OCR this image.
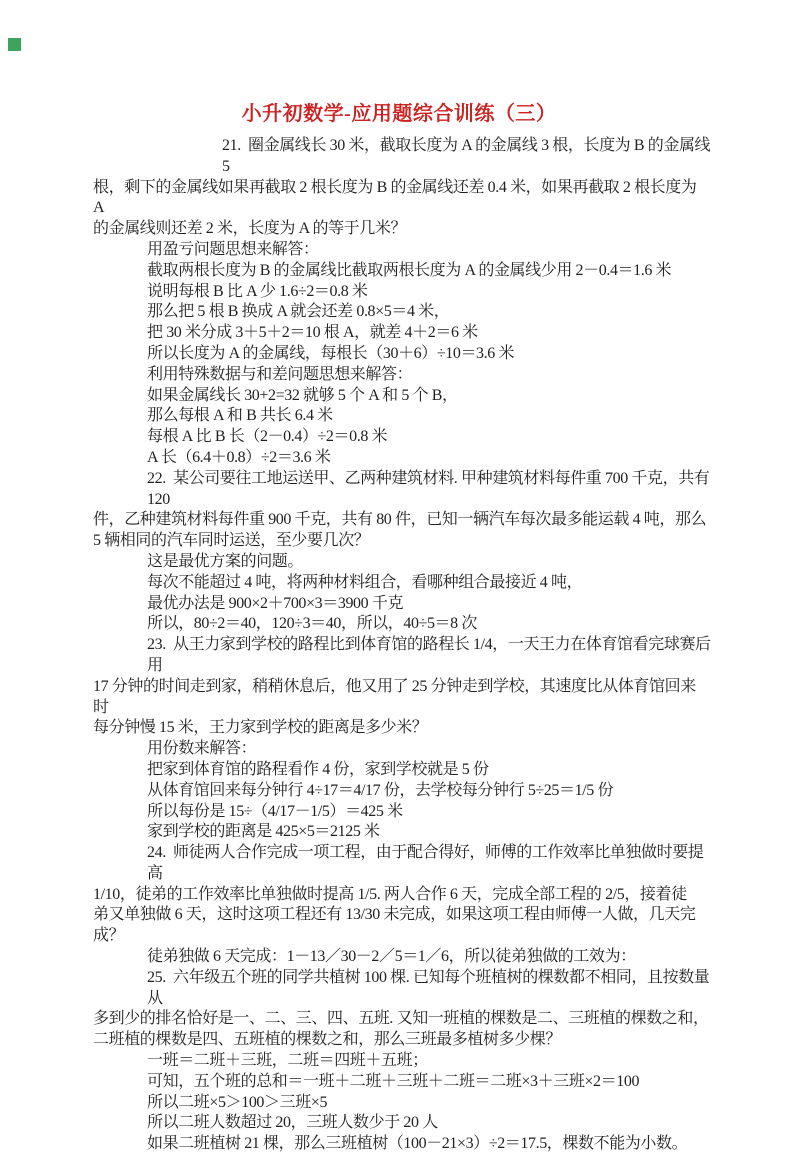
小升初数学-应用题综合训练（三）
21.  圈金属线长 30 米，截取长度为 A 的金属线 3 根，长度为 B 的金属线 5
根，剩下的金属线如果再截取 2 根长度为 B 的金属线还差 0.4 米，如果再截取 2 根长度为 A
的金属线则还差 2 米，长度为 A 的等于几米？
用盈亏问题思想来解答：
截取两根长度为 B 的金属线比截取两根长度为 A 的金属线少用 2－0.4＝1.6 米
说明每根 B 比 A 少 1.6÷2＝0.8 米
那么把 5 根 B 换成 A 就会还差 0.8×5＝4 米，
把 30 米分成 3＋5＋2＝10 根 A，就差 4＋2＝6 米
所以长度为 A 的金属线，每根长（30＋6）÷10＝3.6 米
利用特殊数据与和差问题思想来解答：
如果金属线长 30+2=32 就够 5 个 A 和 5 个 B，
那么每根 A 和 B 共长 6.4 米
每根 A 比 B 长（2－0.4）÷2＝0.8 米
A 长（6.4＋0.8）÷2＝3.6 米
22.  某公司要往工地运送甲、乙两种建筑材料. 甲种建筑材料每件重 700 千克，共有 120
件，乙种建筑材料每件重 900 千克，共有 80 件，已知一辆汽车每次最多能运载 4 吨，那么
5 辆相同的汽车同时运送，至少要几次？
这是最优方案的问题。
每次不能超过 4 吨，将两种材料组合，看哪种组合最接近 4 吨，
最优办法是 900×2＋700×3＝3900 千克
所以，80÷2＝40，120÷3＝40，所以，40÷5＝8 次
23.  从王力家到学校的路程比到体育馆的路程长 1/4，一天王力在体育馆看完球赛后用
17 分钟的时间走到家，稍稍休息后，他又用了 25 分钟走到学校，其速度比从体育馆回来时
每分钟慢 15 米，王力家到学校的距离是多少米？
用份数来解答：
把家到体育馆的路程看作 4 份，家到学校就是 5 份
从体育馆回来每分钟行 4÷17＝4/17 份，去学校每分钟行 5÷25＝1/5 份
所以每份是 15÷（4/17－1/5）＝425 米
家到学校的距离是 425×5＝2125 米
24.  师徒两人合作完成一项工程，由于配合得好，师傅的工作效率比单独做时要提高
1/10，徒弟的工作效率比单独做时提高 1/5. 两人合作 6 天，完成全部工程的 2/5，接着徒
弟又单独做 6 天，这时这项工程还有 13/30 未完成，如果这项工程由师傅一人做，几天完
成？
徒弟独做 6 天完成：1－13／30－2／5＝1／6，所以徒弟独做的工效为：
25.  六年级五个班的同学共植树 100 棵. 已知每个班植树的棵数都不相同，且按数量从
多到少的排名恰好是一、二、三、四、五班. 又知一班植的棵数是二、三班植的棵数之和，
二班植的棵数是四、五班植的棵数之和，那么三班最多植树多少棵？
一班＝二班＋三班，二班＝四班＋五班；
可知，五个班的总和＝一班＋二班＋三班＋二班＝二班×3＋三班×2＝100
所以二班×5＞100＞三班×5
所以二班人数超过 20，三班人数少于 20 人
如果二班植树 21 棵，那么三班植树（100－21×3）÷2＝17.5，棵数不能为小数。
